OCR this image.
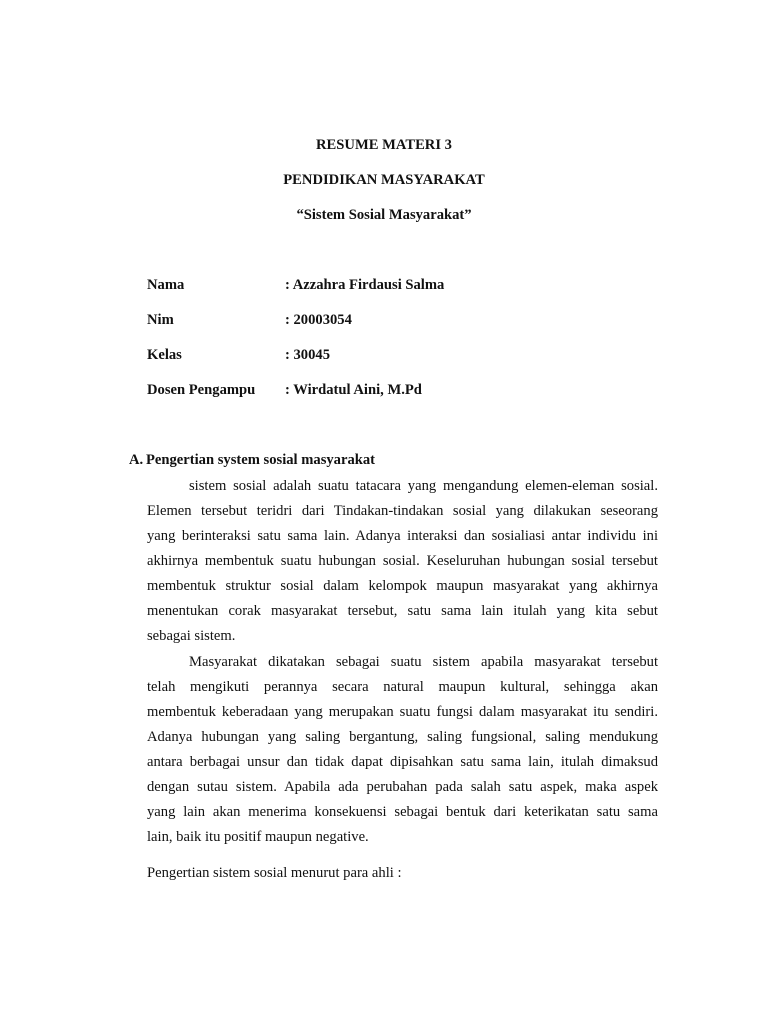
RESUME MATERI 3
PENDIDIKAN MASYARAKAT
“Sistem Sosial Masyarakat”
Nama	: Azzahra Firdausi Salma
Nim	: 20003054
Kelas	: 30045
Dosen Pengampu : Wirdatul Aini, M.Pd
A. Pengertian system sosial masyarakat
sistem sosial adalah suatu tatacara yang mengandung elemen-eleman sosial.
Elemen tersebut teridri dari Tindakan-tindakan sosial yang dilakukan seseorang
yang berinteraksi satu sama lain. Adanya interaksi dan sosialiasi antar individu ini
akhirnya membentuk suatu hubungan sosial. Keseluruhan hubungan sosial tersebut
membentuk struktur sosial dalam kelompok maupun masyarakat yang akhirnya
menentukan corak masyarakat tersebut, satu sama lain itulah yang kita sebut
sebagai sistem.
Masyarakat dikatakan sebagai suatu sistem apabila masyarakat tersebut
telah mengikuti perannya secara natural maupun kultural, sehingga akan
membentuk keberadaan yang merupakan suatu fungsi dalam masyarakat itu sendiri.
Adanya hubungan yang saling bergantung, saling fungsional, saling mendukung
antara berbagai unsur dan tidak dapat dipisahkan satu sama lain, itulah dimaksud
dengan sutau sistem. Apabila ada perubahan pada salah satu aspek, maka aspek
yang lain akan menerima konsekuensi sebagai bentuk dari keterikatan satu sama
lain, baik itu positif maupun negative.
Pengertian sistem sosial menurut para ahli :
